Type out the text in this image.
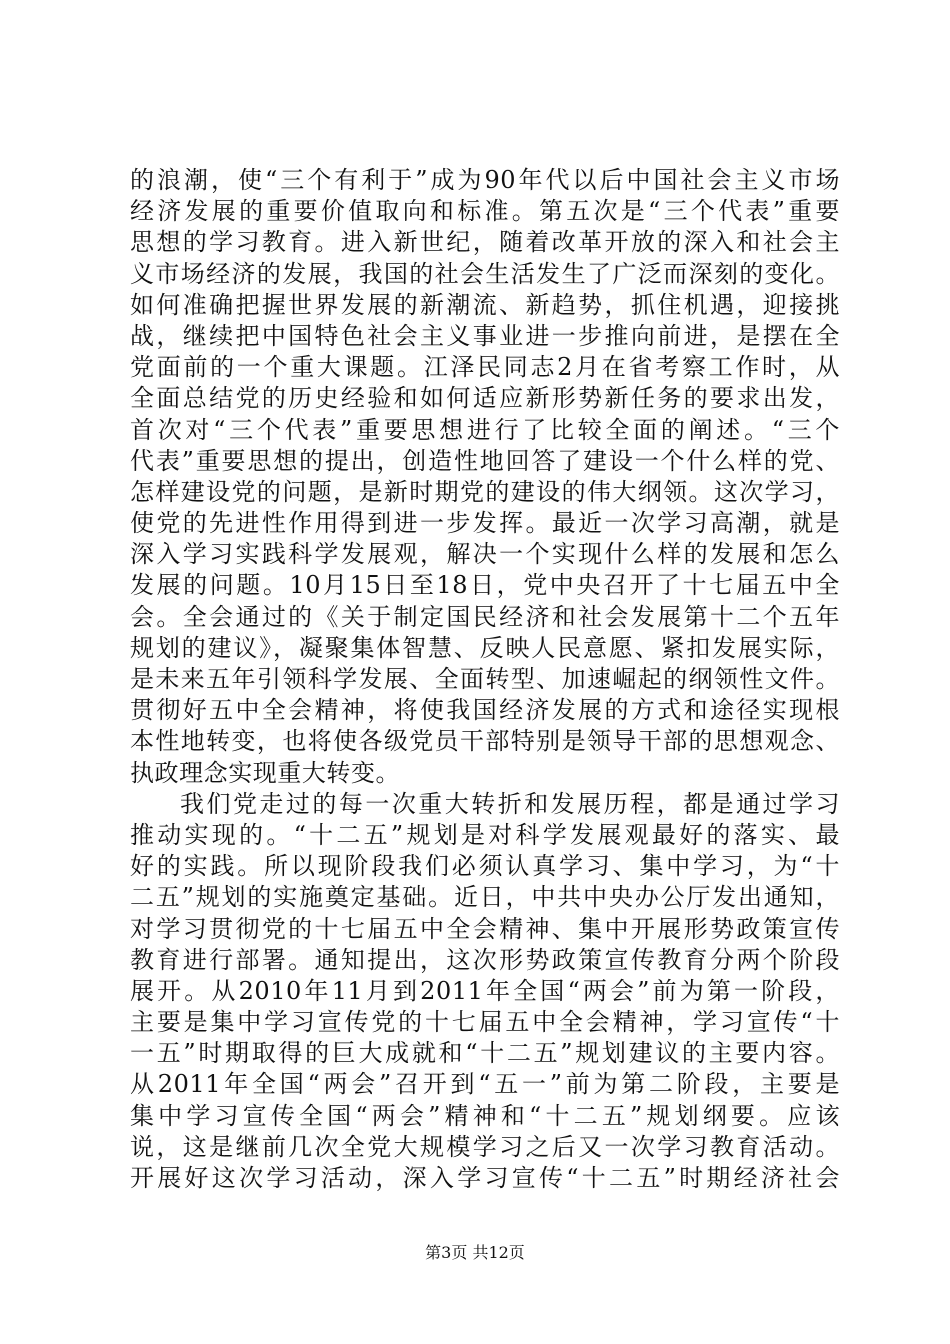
的浪潮，使“三个有利于”成为90年代以后中国社会主义市场
经济发展的重要价值取向和标准。第五次是“三个代表”重要
思想的学习教育。进入新世纪，随着改革开放的深入和社会主
义市场经济的发展，我国的社会生活发生了广泛而深刻的变化。
如何准确把握世界发展的新潮流、新趋势，抓住机遇，迎接挑
战，继续把中国特色社会主义事业进一步推向前进，是摆在全
党面前的一个重大课题。江泽民同志2月在省考察工作时，从
全面总结党的历史经验和如何适应新形势新任务的要求出发，
首次对“三个代表”重要思想进行了比较全面的阐述。“三个
代表”重要思想的提出，创造性地回答了建设一个什么样的党、
怎样建设党的问题，是新时期党的建设的伟大纲领。这次学习，
使党的先进性作用得到进一步发挥。最近一次学习高潮，就是
深入学习实践科学发展观，解决一个实现什么样的发展和怎么
发展的问题。10月15日至18日，党中央召开了十七届五中全
会。全会通过的《关于制定国民经济和社会发展第十二个五年
规划的建议》，凝聚集体智慧、反映人民意愿、紧扣发展实际，
是未来五年引领科学发展、全面转型、加速崛起的纲领性文件。
贯彻好五中全会精神，将使我国经济发展的方式和途径实现根
本性地转变，也将使各级党员干部特别是领导干部的思想观念、
执政理念实现重大转变。
我们党走过的每一次重大转折和发展历程，都是通过学习
推动实现的。“十二五”规划是对科学发展观最好的落实、最
好的实践。所以现阶段我们必须认真学习、集中学习，为“十
二五”规划的实施奠定基础。近日，中共中央办公厅发出通知，
对学习贯彻党的十七届五中全会精神、集中开展形势政策宣传
教育进行部署。通知提出，这次形势政策宣传教育分两个阶段
展开。从2010年11月到2011年全国“两会”前为第一阶段，
主要是集中学习宣传党的十七届五中全会精神，学习宣传“十
一五”时期取得的巨大成就和“十二五”规划建议的主要内容。
从2011年全国“两会”召开到“五一”前为第二阶段，主要是
集中学习宣传全国“两会”精神和“十二五”规划纲要。应该
说，这是继前几次全党大规模学习之后又一次学习教育活动。
开展好这次学习活动，深入学习宣传“十二五”时期经济社会
第3页 共12页
